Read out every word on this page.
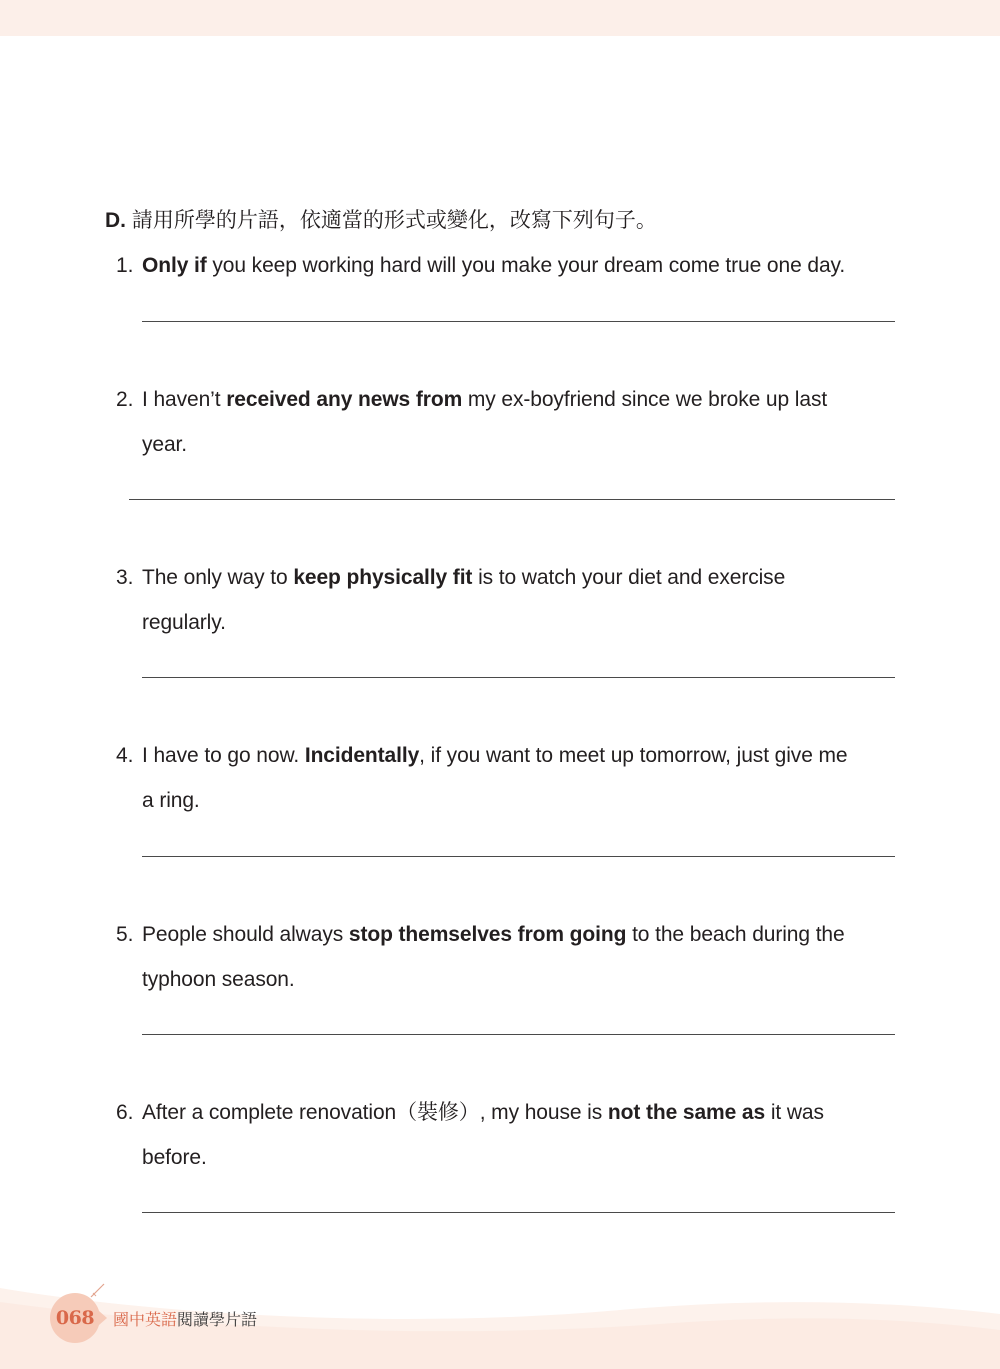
D. 請用所學的片語，依適當的形式或變化，改寫下列句子。
1. Only if you keep working hard will you make your dream come true one day.
2. I haven’t received any news from my ex-boyfriend since we broke up last
year.
3. The only way to keep physically fit is to watch your diet and exercise
regularly.
4. I have to go now. Incidentally, if you want to meet up tomorrow, just give me
a ring.
5. People should always stop themselves from going to the beach during the
typhoon season.
6. After a complete renovation（裝修）, my house is not the same as it was
before.
068 國中英語閱讀學片語
